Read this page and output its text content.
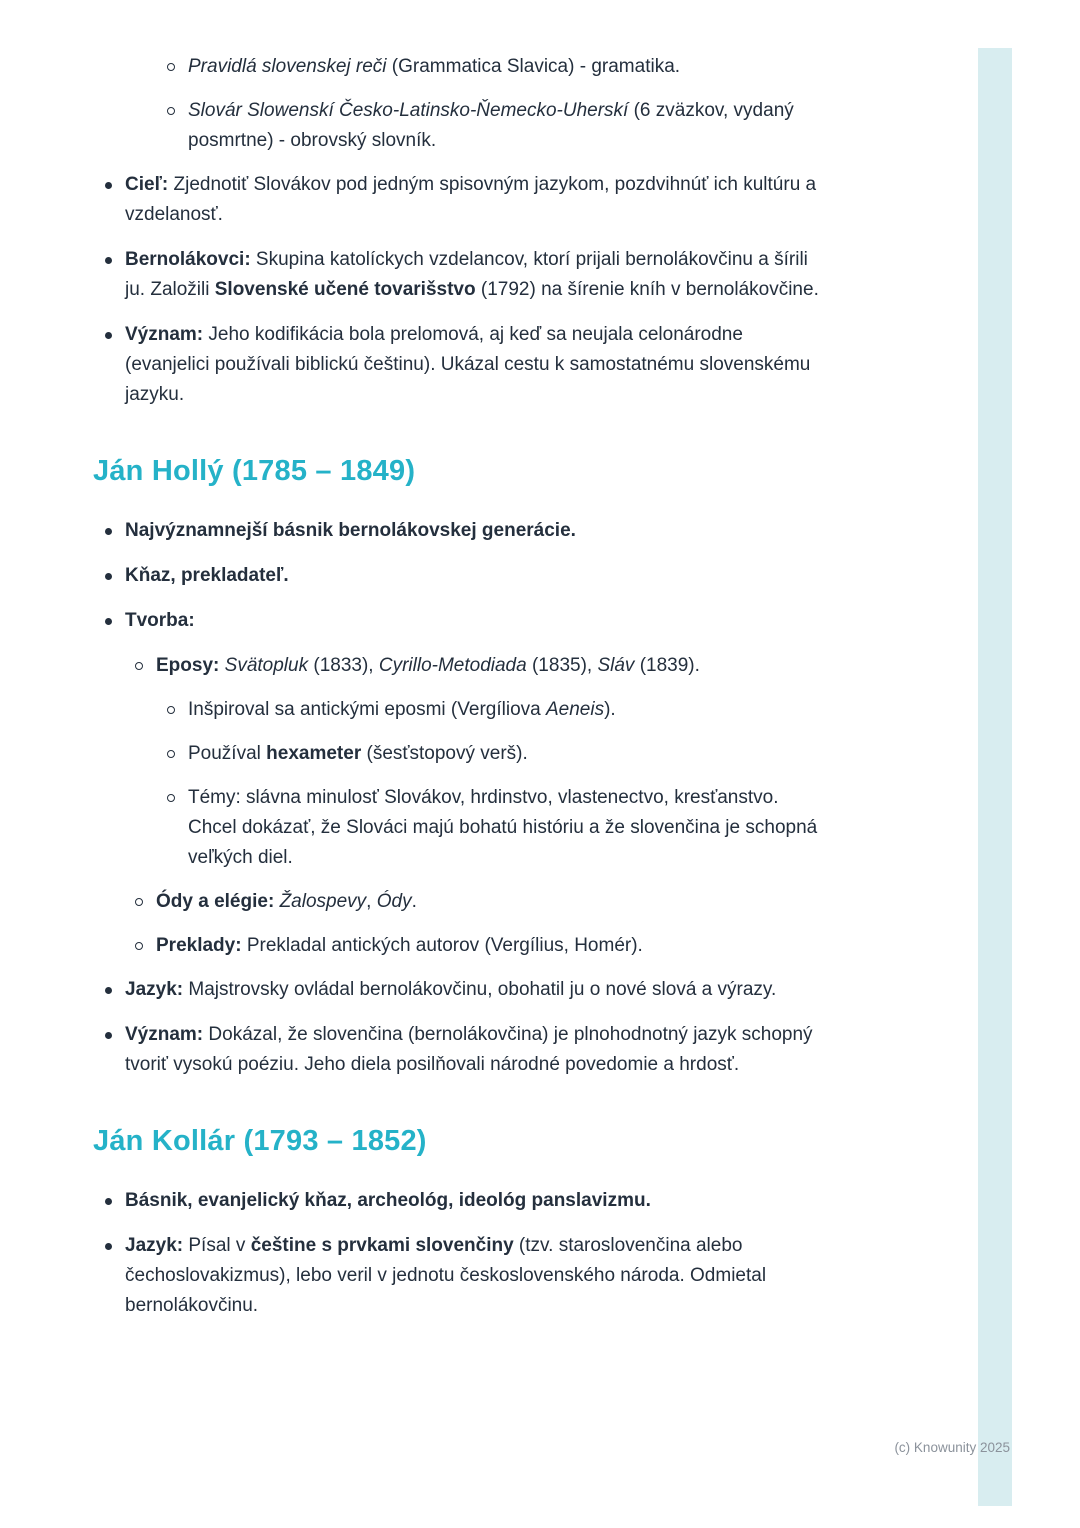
Pravidlá slovenskej reči (Grammatica Slavica) - gramatika.
Slovár Slowenskí Česko-Latinsko-Ňemecko-Uherskí (6 zväzkov, vydaný posmrtne) - obrovský slovník.
Cieľ: Zjednotiť Slovákov pod jedným spisovným jazykom, pozdvihnúť ich kultúru a vzdelanosť.
Bernolákovci: Skupina katolíckych vzdelancov, ktorí prijali bernolákovčinu a šírili ju. Založili Slovenské učené tovarišstvo (1792) na šírenie kníh v bernolákovčine.
Význam: Jeho kodifikácia bola prelomová, aj keď sa neujala celonárodne (evanjelici používali biblickú češtinu). Ukázal cestu k samostatnému slovenskému jazyku.
Ján Hollý (1785 – 1849)
Najvýznamnejší básnik bernolákovskej generácie.
Kňaz, prekladateľ.
Tvorba:
Eposy: Svätopluk (1833), Cyrillo-Metodiada (1835), Sláv (1839).
Inšpiroval sa antickými eposmi (Vergíliova Aeneis).
Používal hexameter (šesťstopový verš).
Témy: slávna minulosť Slovákov, hrdinstvo, vlastenectvo, kresťanstvo. Chcel dokázať, že Slováci majú bohatú históriu a že slovenčina je schopná veľkých diel.
Ódy a elégie: Žalospevy, Ódy.
Preklady: Prekladal antických autorov (Vergílius, Homér).
Jazyk: Majstrovsky ovládal bernolákovčinu, obohatil ju o nové slová a výrazy.
Význam: Dokázal, že slovenčina (bernolákovčina) je plnohodnotný jazyk schopný tvoriť vysokú poéziu. Jeho diela posilňovali národné povedomie a hrdosť.
Ján Kollár (1793 – 1852)
Básnik, evanjelický kňaz, archeológ, ideológ panslavizmu.
Jazyk: Písal v češtine s prvkami slovenčiny (tzv. staroslovenčina alebo čechoslovakizmus), lebo veril v jednotu československého národa. Odmietal bernolákovčinu.
(c) Knowunity 2025
